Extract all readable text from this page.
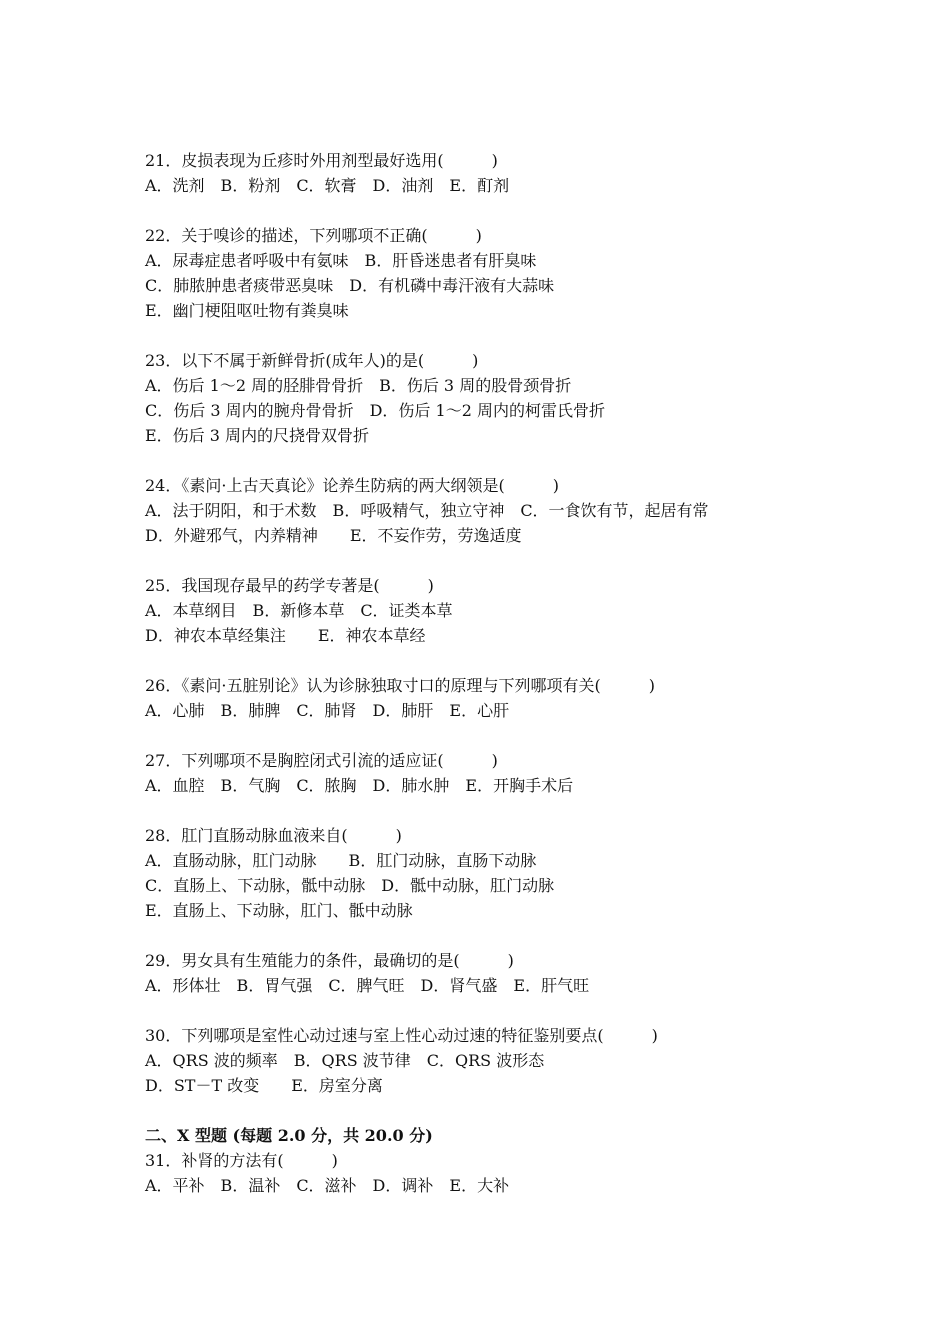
21．皮损表现为丘疹时外用剂型最好选用(　　　)
A．洗剂　B．粉剂　C．软膏　D．油剂　E．酊剂
22．关于嗅诊的描述，下列哪项不正确(　　　)
A．尿毒症患者呼吸中有氨味　B．肝昏迷患者有肝臭味
C．肺脓肿患者痰带恶臭味　D．有机磷中毒汗液有大蒜味
E．幽门梗阻呕吐物有粪臭味
23．以下不属于新鲜骨折(成年人)的是(　　　)
A．伤后 1～2 周的胫腓骨骨折　B．伤后 3 周的股骨颈骨折
C．伤后 3 周内的腕舟骨骨折　D．伤后 1～2 周内的柯雷氏骨折
E．伤后 3 周内的尺挠骨双骨折
24．《素问·上古天真论》论养生防病的两大纲领是(　　　)
A．法于阴阳，和于术数　B．呼吸精气，独立守神　C．一食饮有节，起居有常
D．外避邪气，内养精神　　E．不妄作劳，劳逸适度
25．我国现存最早的药学专著是(　　　)
A．本草纲目　B．新修本草　C．证类本草
D．神农本草经集注　　E．神农本草经
26．《素问·五脏别论》认为诊脉独取寸口的原理与下列哪项有关(　　　)
A．心肺　B．肺脾　C．肺肾　D．肺肝　E．心肝
27．下列哪项不是胸腔闭式引流的适应证(　　　)
A．血腔　B．气胸　C．脓胸　D．肺水肿　E．开胸手术后
28．肛门直肠动脉血液来自(　　　)
A．直肠动脉，肛门动脉　　B．肛门动脉，直肠下动脉
C．直肠上、下动脉，骶中动脉　D．骶中动脉，肛门动脉
E．直肠上、下动脉，肛门、骶中动脉
29．男女具有生殖能力的条件，最确切的是(　　　)
A．形体壮　B．胃气强　C．脾气旺　D．肾气盛　E．肝气旺
30．下列哪项是室性心动过速与室上性心动过速的特征鉴别要点(　　　)
A．QRS 波的频率　B．QRS 波节律　C．QRS 波形态
D．ST－T 改变　　E．房室分离
二、X 型题 (每题 2.0 分，共 20.0 分)
31．补肾的方法有(　　　)
A．平补　B．温补　C．滋补　D．调补　E．大补
